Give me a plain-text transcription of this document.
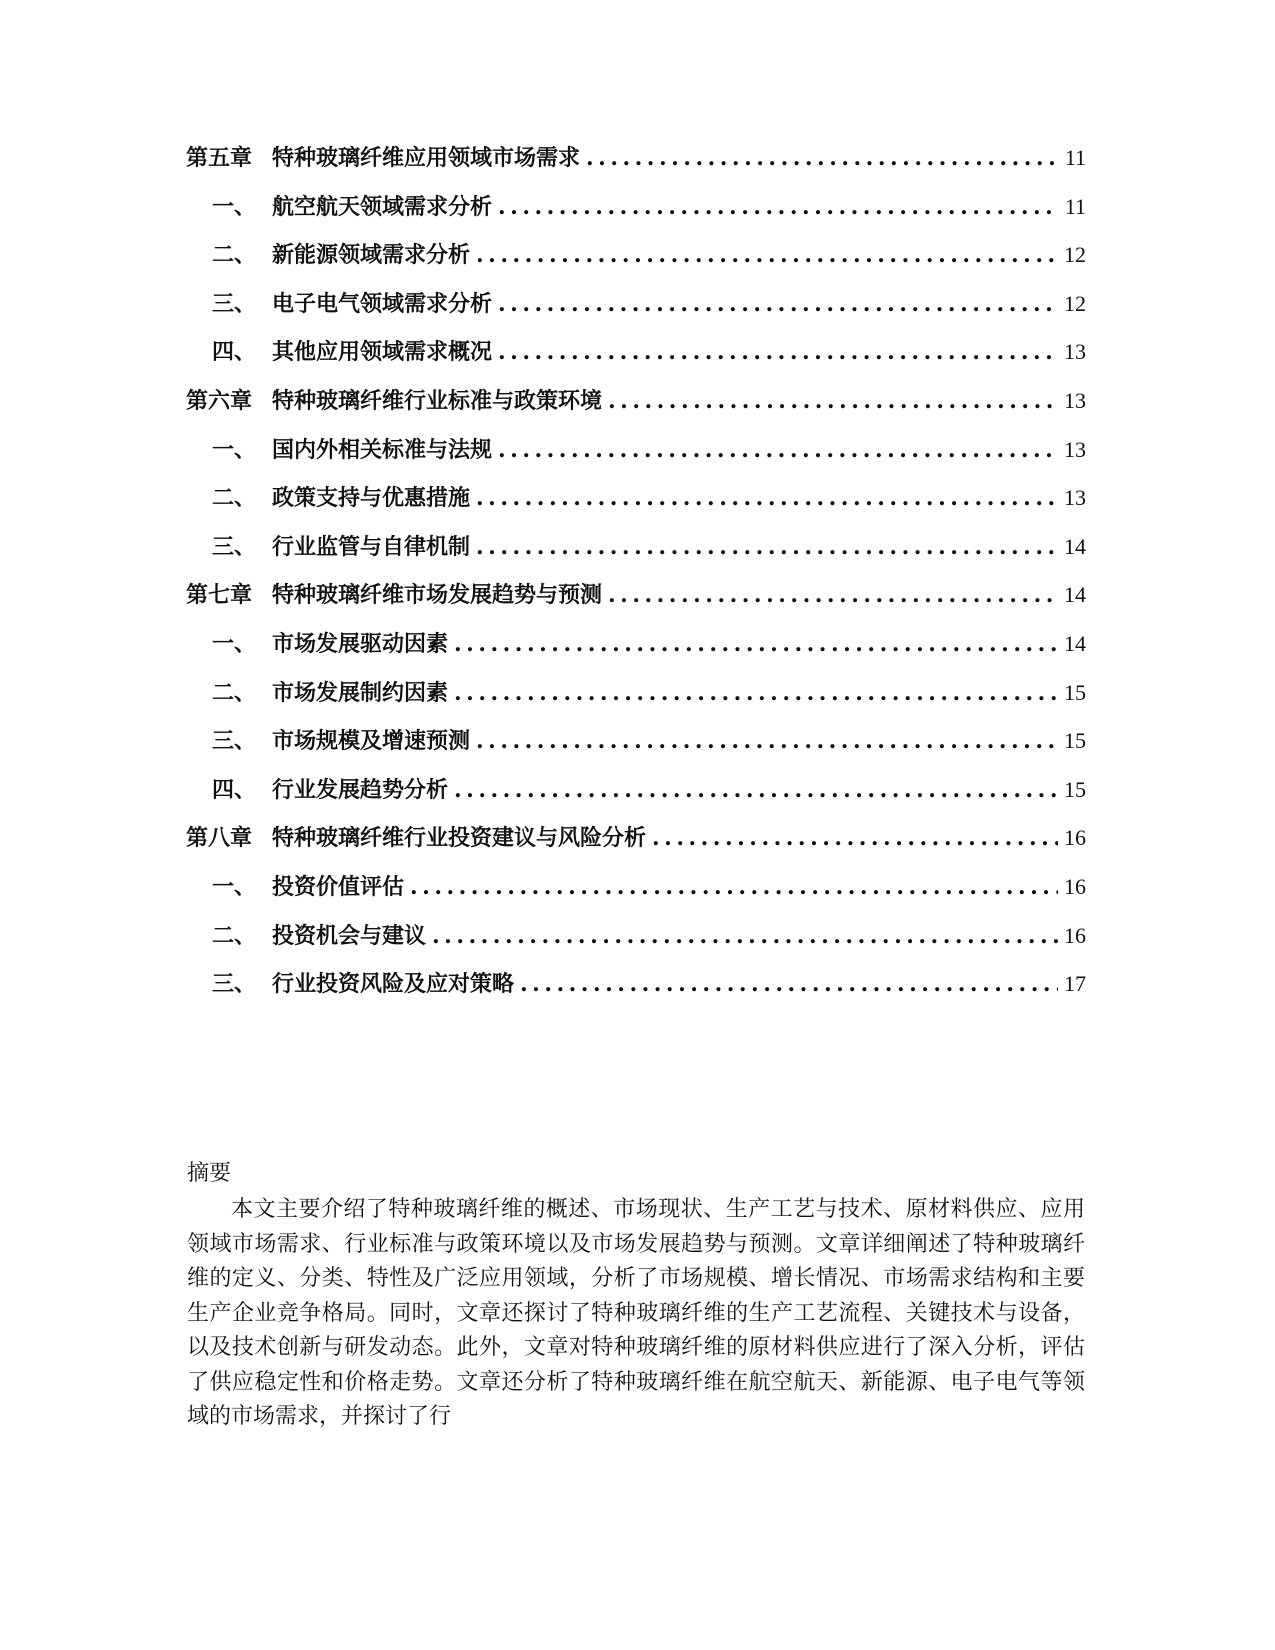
第五章 特种玻璃纤维应用领域市场需求 .....	11
一、 航空航天领域需求分析 .....	11
二、 新能源领域需求分析 .....	12
三、 电子电气领域需求分析 .....	12
四、 其他应用领域需求概况 .....	13
第六章 特种玻璃纤维行业标准与政策环境 .....	13
一、 国内外相关标准与法规 .....	13
二、 政策支持与优惠措施 .....	13
三、 行业监管与自律机制 .....	14
第七章 特种玻璃纤维市场发展趋势与预测 .....	14
一、 市场发展驱动因素 .....	14
二、 市场发展制约因素 .....	15
三、 市场规模及增速预测 .....	15
四、 行业发展趋势分析 .....	15
第八章 特种玻璃纤维行业投资建议与风险分析 .....	16
一、 投资价值评估 .....	16
二、 投资机会与建议 .....	16
三、 行业投资风险及应对策略 .....	17

摘要

本文主要介绍了特种玻璃纤维的概述、市场现状、生产工艺与技术、原材料供应、应用领域市场需求、行业标准与政策环境以及市场发展趋势与预测。文章详细阐述了特种玻璃纤维的定义、分类、特性及广泛应用领域，分析了市场规模、增长情况、市场需求结构和主要生产企业竞争格局。同时，文章还探讨了特种玻璃纤维的生产工艺流程、关键技术与设备，以及技术创新与研发动态。此外，文章对特种玻璃纤维的原材料供应进行了深入分析，评估了供应稳定性和价格走势。文章还分析了特种玻璃纤维在航空航天、新能源、电子电气等领域的市场需求，并探讨了行
